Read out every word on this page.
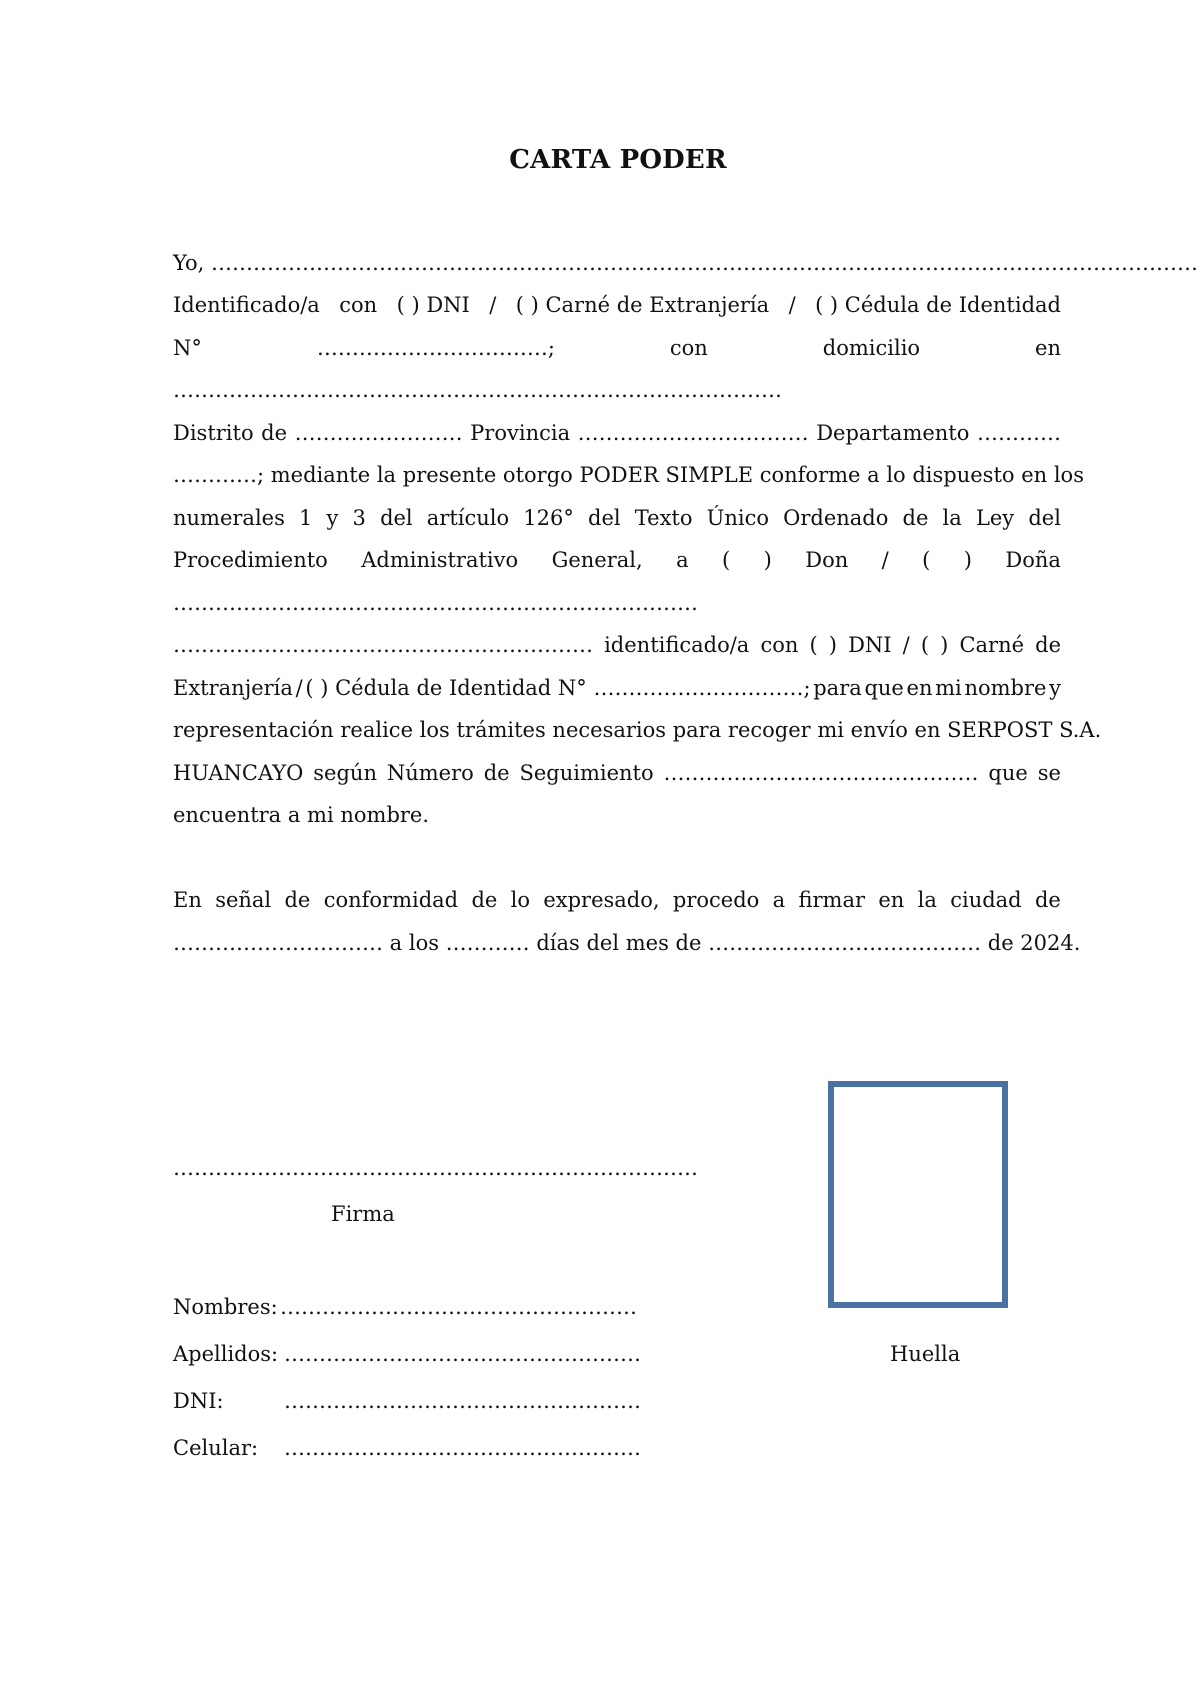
CARTA PODER
Yo, ……………………………………………………………………………………………………………………………
Identificado/a con ( ) DNI / ( ) Carné de Extranjería / ( ) Cédula de Identidad
N°	……………………………;	con	domicilio	en
……………………………………………………………………………
Distrito de …………………… Provincia …………………………… Departamento …………
…………; mediante la presente otorgo PODER SIMPLE conforme a lo dispuesto en los
numerales 1 y 3 del artículo 126° del Texto Único Ordenado de la Ley del
Procedimiento Administrativo General, a ( ) Don / ( ) Doña
…………………………………………………………………
…………………………………………………… identificado/a con ( ) DNI / ( ) Carné de
Extranjería / ( ) Cédula de Identidad N° …………………………; para que en mi nombre y
representación realice los trámites necesarios para recoger mi envío en SERPOST S.A.
HUANCAYO según Número de Seguimiento ……………………………………… que se
encuentra a mi nombre.
En señal de conformidad de lo expresado, procedo a firmar en la ciudad de
………………………… a los ………… días del mes de ………………………………… de 2024.
…………………………………………………………………
Firma
Nombres: ……………………………………………
Apellidos: ……………………………………………
DNI:	……………………………………………
Celular: ……………………………………………
Huella
